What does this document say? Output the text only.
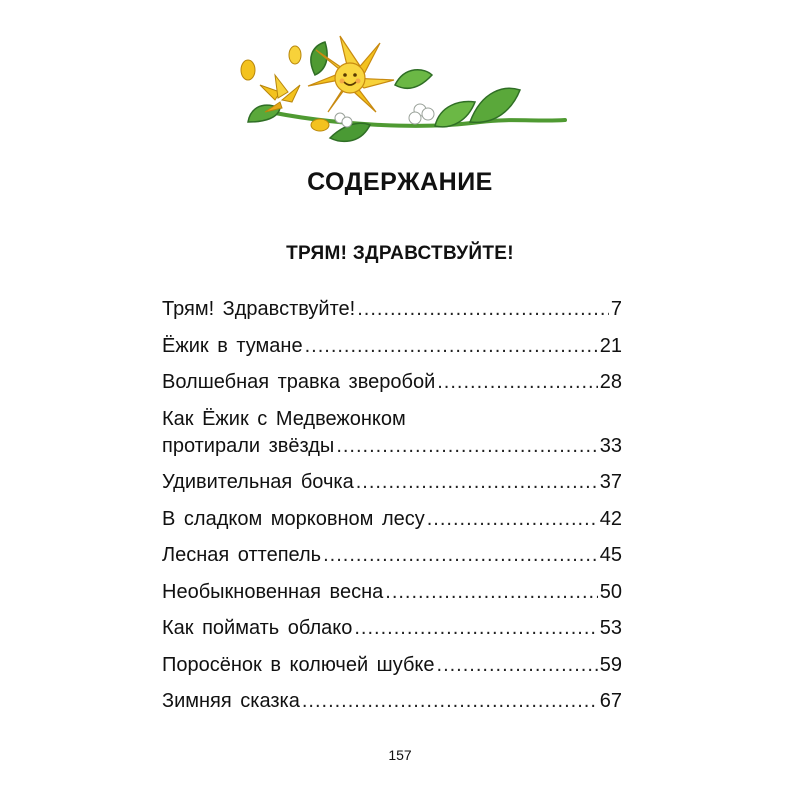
СОДЕРЖАНИЕ
ТРЯМ! ЗДРАВСТВУЙТЕ!
Трям! Здравствуйте! .....	7
Ёжик в тумане .....	21
Волшебная травка зверобой .....	28
Как Ёжик с Медвежонком
протирали звёзды .....	33
Удивительная бочка .....	37
В сладком морковном лесу .....	42
Лесная оттепель .....	45
Необыкновенная весна .....	50
Как поймать облако .....	53
Поросёнок в колючей шубке .....	59
Зимняя сказка .....	67

157
